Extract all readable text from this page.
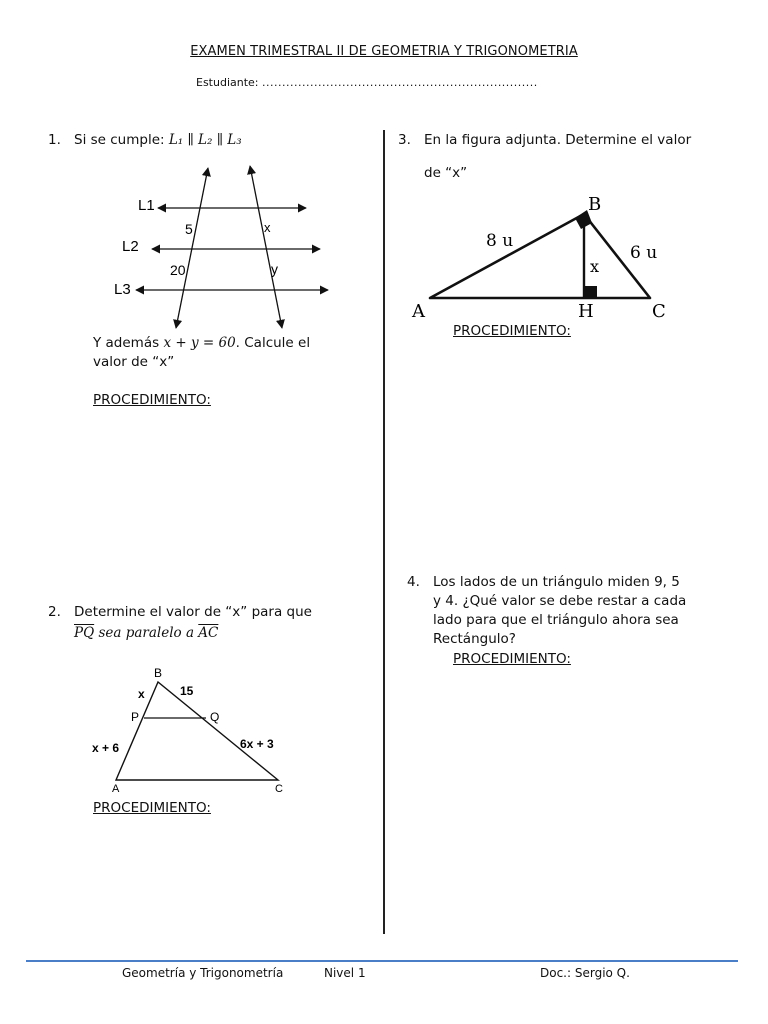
EXAMEN TRIMESTRAL II DE GEOMETRIA Y TRIGONOMETRIA
Estudiante: .....................................................................
1. Si se cumple: L₁ ∥ L₂ ∥ L₃
L1
L2
L3
5	x
20	y
Y además x + y = 60. Calcule el
valor de “x”
PROCEDIMIENTO:
2. Determine el valor de “x” para que
$\overline{PQ}$ sea paralelo a $\overline{AC}$
B
P	Q
A	C
x	15
x + 6	6x + 3
PROCEDIMIENTO:
3. En la figura adjunta. Determine el valor
de “x”
B
A	H	C
8 u
6 u
x
PROCEDIMIENTO:
4. Los lados de un triángulo miden 9, 5
y 4. ¿Qué valor se debe restar a cada
lado para que el triángulo ahora sea
Rectángulo?
PROCEDIMIENTO:
Geometría y Trigonometría	Nivel 1	Doc.: Sergio Q.
